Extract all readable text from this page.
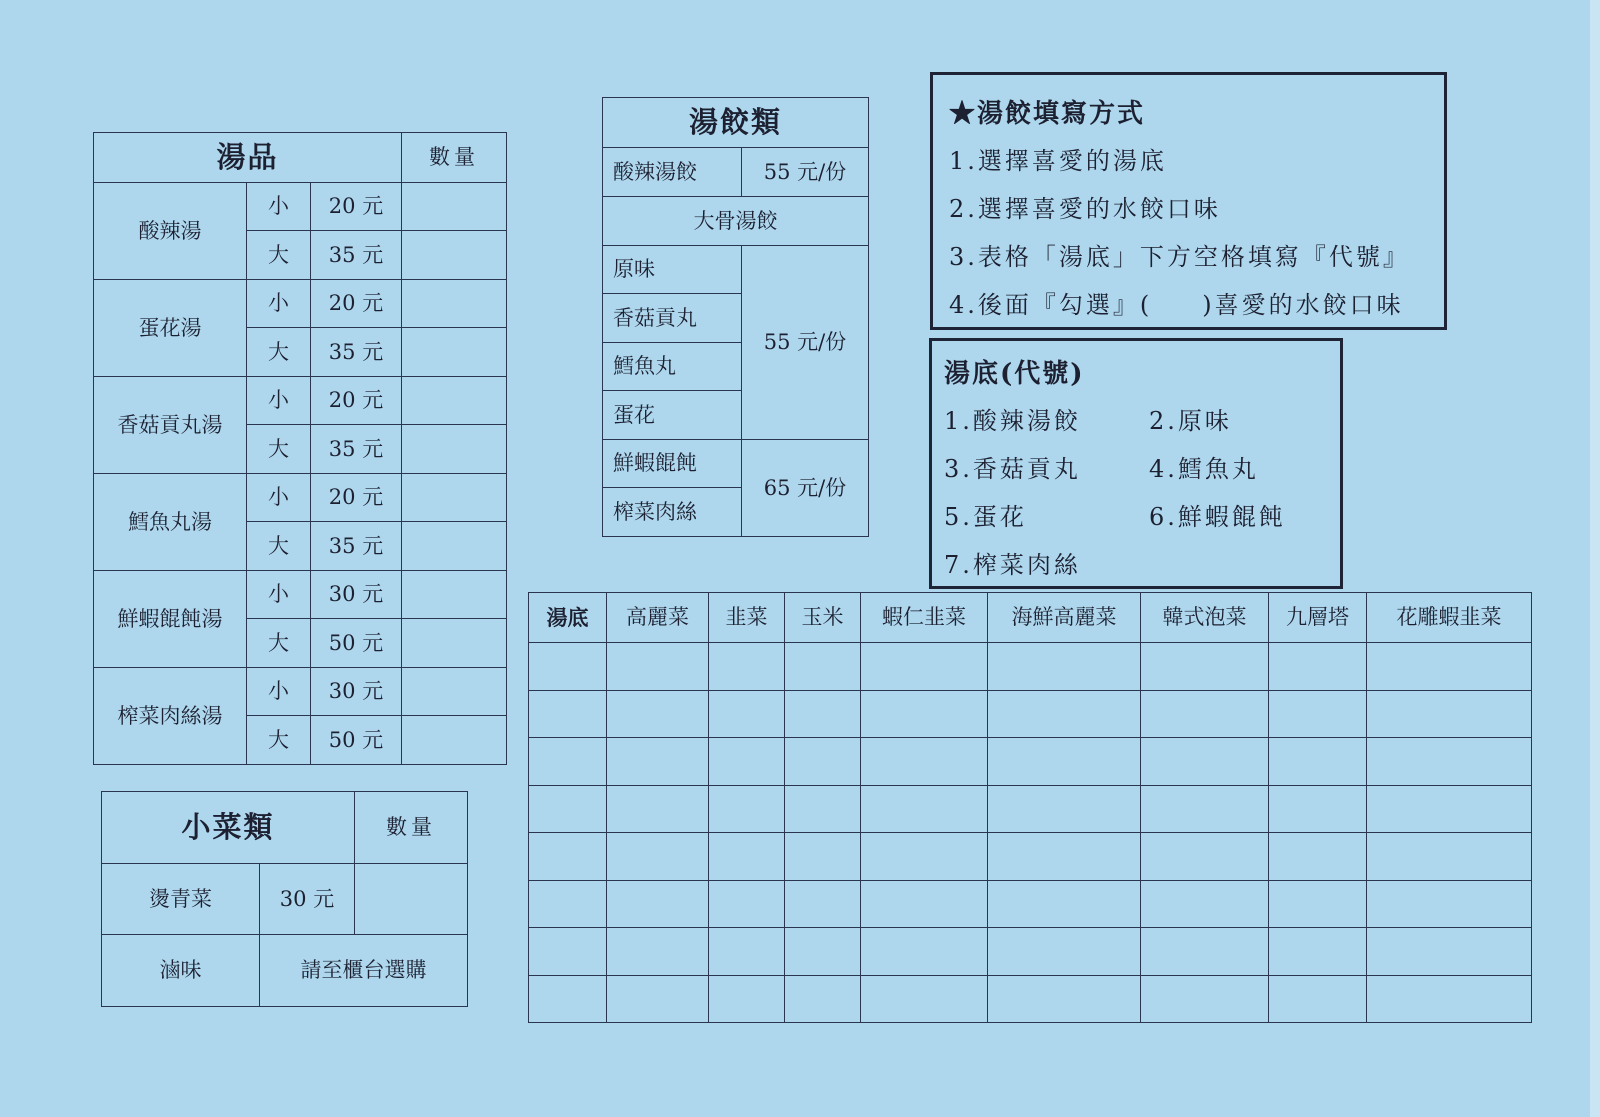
湯品			數量
酸辣湯	小	20 元	
	大	35 元	
蛋花湯	小	20 元	
	大	35 元	
香菇貢丸湯	小	20 元	
	大	35 元	
鱈魚丸湯	小	20 元	
	大	35 元	
鮮蝦餛飩湯	小	30 元	
	大	50 元	
榨菜肉絲湯	小	30 元	
	大	50 元	
小菜類		數量
燙青菜	30 元	
滷味	請至櫃台選購	
湯餃類	
酸辣湯餃	55 元/份
大骨湯餃	
原味	55 元/份
香菇貢丸	
鱈魚丸	
蛋花	
鮮蝦餛飩	65 元/份
榨菜肉絲	
★湯餃填寫方式
1.選擇喜愛的湯底
2.選擇喜愛的水餃口味
3.表格「湯底」下方空格填寫『代號』
4.後面『勾選』( )喜愛的水餃口味
湯底(代號)
1.酸辣湯餃	2.原味
3.香菇貢丸	4.鱈魚丸
5.蛋花	6.鮮蝦餛飩
7.榨菜肉絲
湯底	高麗菜	韭菜	玉米	蝦仁韭菜	海鮮高麗菜	韓式泡菜	九層塔	花雕蝦韭菜
